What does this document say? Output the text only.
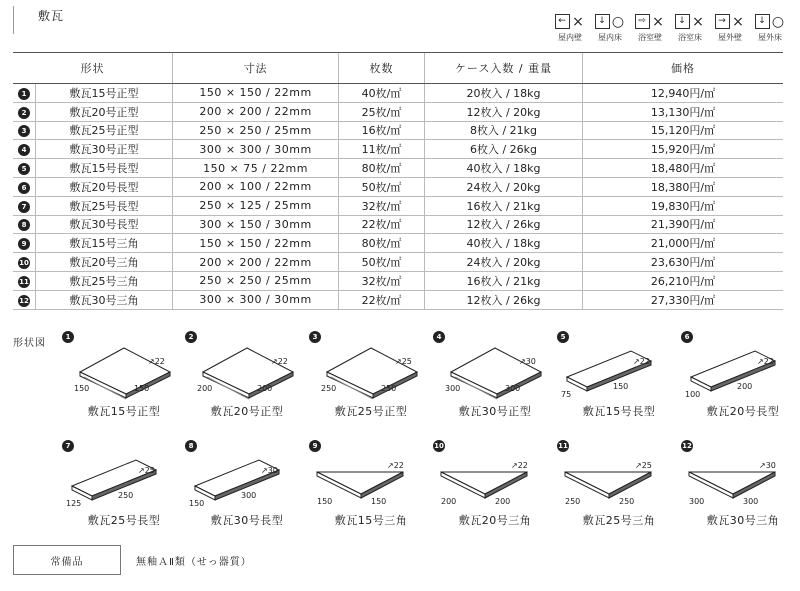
敷瓦	← ×
屋内壁
↓ ○
屋内床
⇨ ×
浴室壁
↓ ×
浴室床
→ ×
屋外壁
↓ ○
屋外床
形状		寸法	枚数	ケース入数 / 重量	価格
1	敷瓦15号正型	150 × 150 / 22mm	40枚/㎡	20枚入 / 18kg	12,940円/㎡
2	敷瓦20号正型	200 × 200 / 22mm	25枚/㎡	12枚入 / 20kg	13,130円/㎡
3	敷瓦25号正型	250 × 250 / 25mm	16枚/㎡	8枚入 / 21kg	15,120円/㎡
4	敷瓦30号正型	300 × 300 / 30mm	11枚/㎡	6枚入 / 26kg	15,920円/㎡
5	敷瓦15号長型	150 × 75 / 22mm	80枚/㎡	40枚入 / 18kg	18,480円/㎡
6	敷瓦20号長型	200 × 100 / 22mm	50枚/㎡	24枚入 / 20kg	18,380円/㎡
7	敷瓦25号長型	250 × 125 / 25mm	32枚/㎡	16枚入 / 21kg	19,830円/㎡
8	敷瓦30号長型	300 × 150 / 30mm	22枚/㎡	12枚入 / 26kg	21,390円/㎡
9	敷瓦15号三角	150 × 150 / 22mm	80枚/㎡	40枚入 / 18kg	21,000円/㎡
10	敷瓦20号三角	200 × 200 / 22mm	50枚/㎡	24枚入 / 20kg	23,630円/㎡
11	敷瓦25号三角	250 × 250 / 25mm	32枚/㎡	16枚入 / 21kg	26,210円/㎡
12	敷瓦30号三角	300 × 300 / 30mm	22枚/㎡	12枚入 / 26kg	27,330円/㎡
形状図
150	150
↗22
1
敷瓦15号正型
200	200
↗22
2
敷瓦20号正型
250	250
↗25
3
敷瓦25号正型
300	300
↗30
4
敷瓦30号正型
75
150
↗22
5
敷瓦15号長型
100
200
↗22
6
敷瓦20号長型
125
250
↗25
7
敷瓦25号長型
150
300
↗30
8
敷瓦30号長型
150	150
↗22
9
敷瓦15号三角
200	200
↗22
10
敷瓦20号三角
250	250
↗25
11
敷瓦25号三角
300	300
↗30
12
敷瓦30号三角
常備品	無釉ＡⅡ類（せっ器質）
